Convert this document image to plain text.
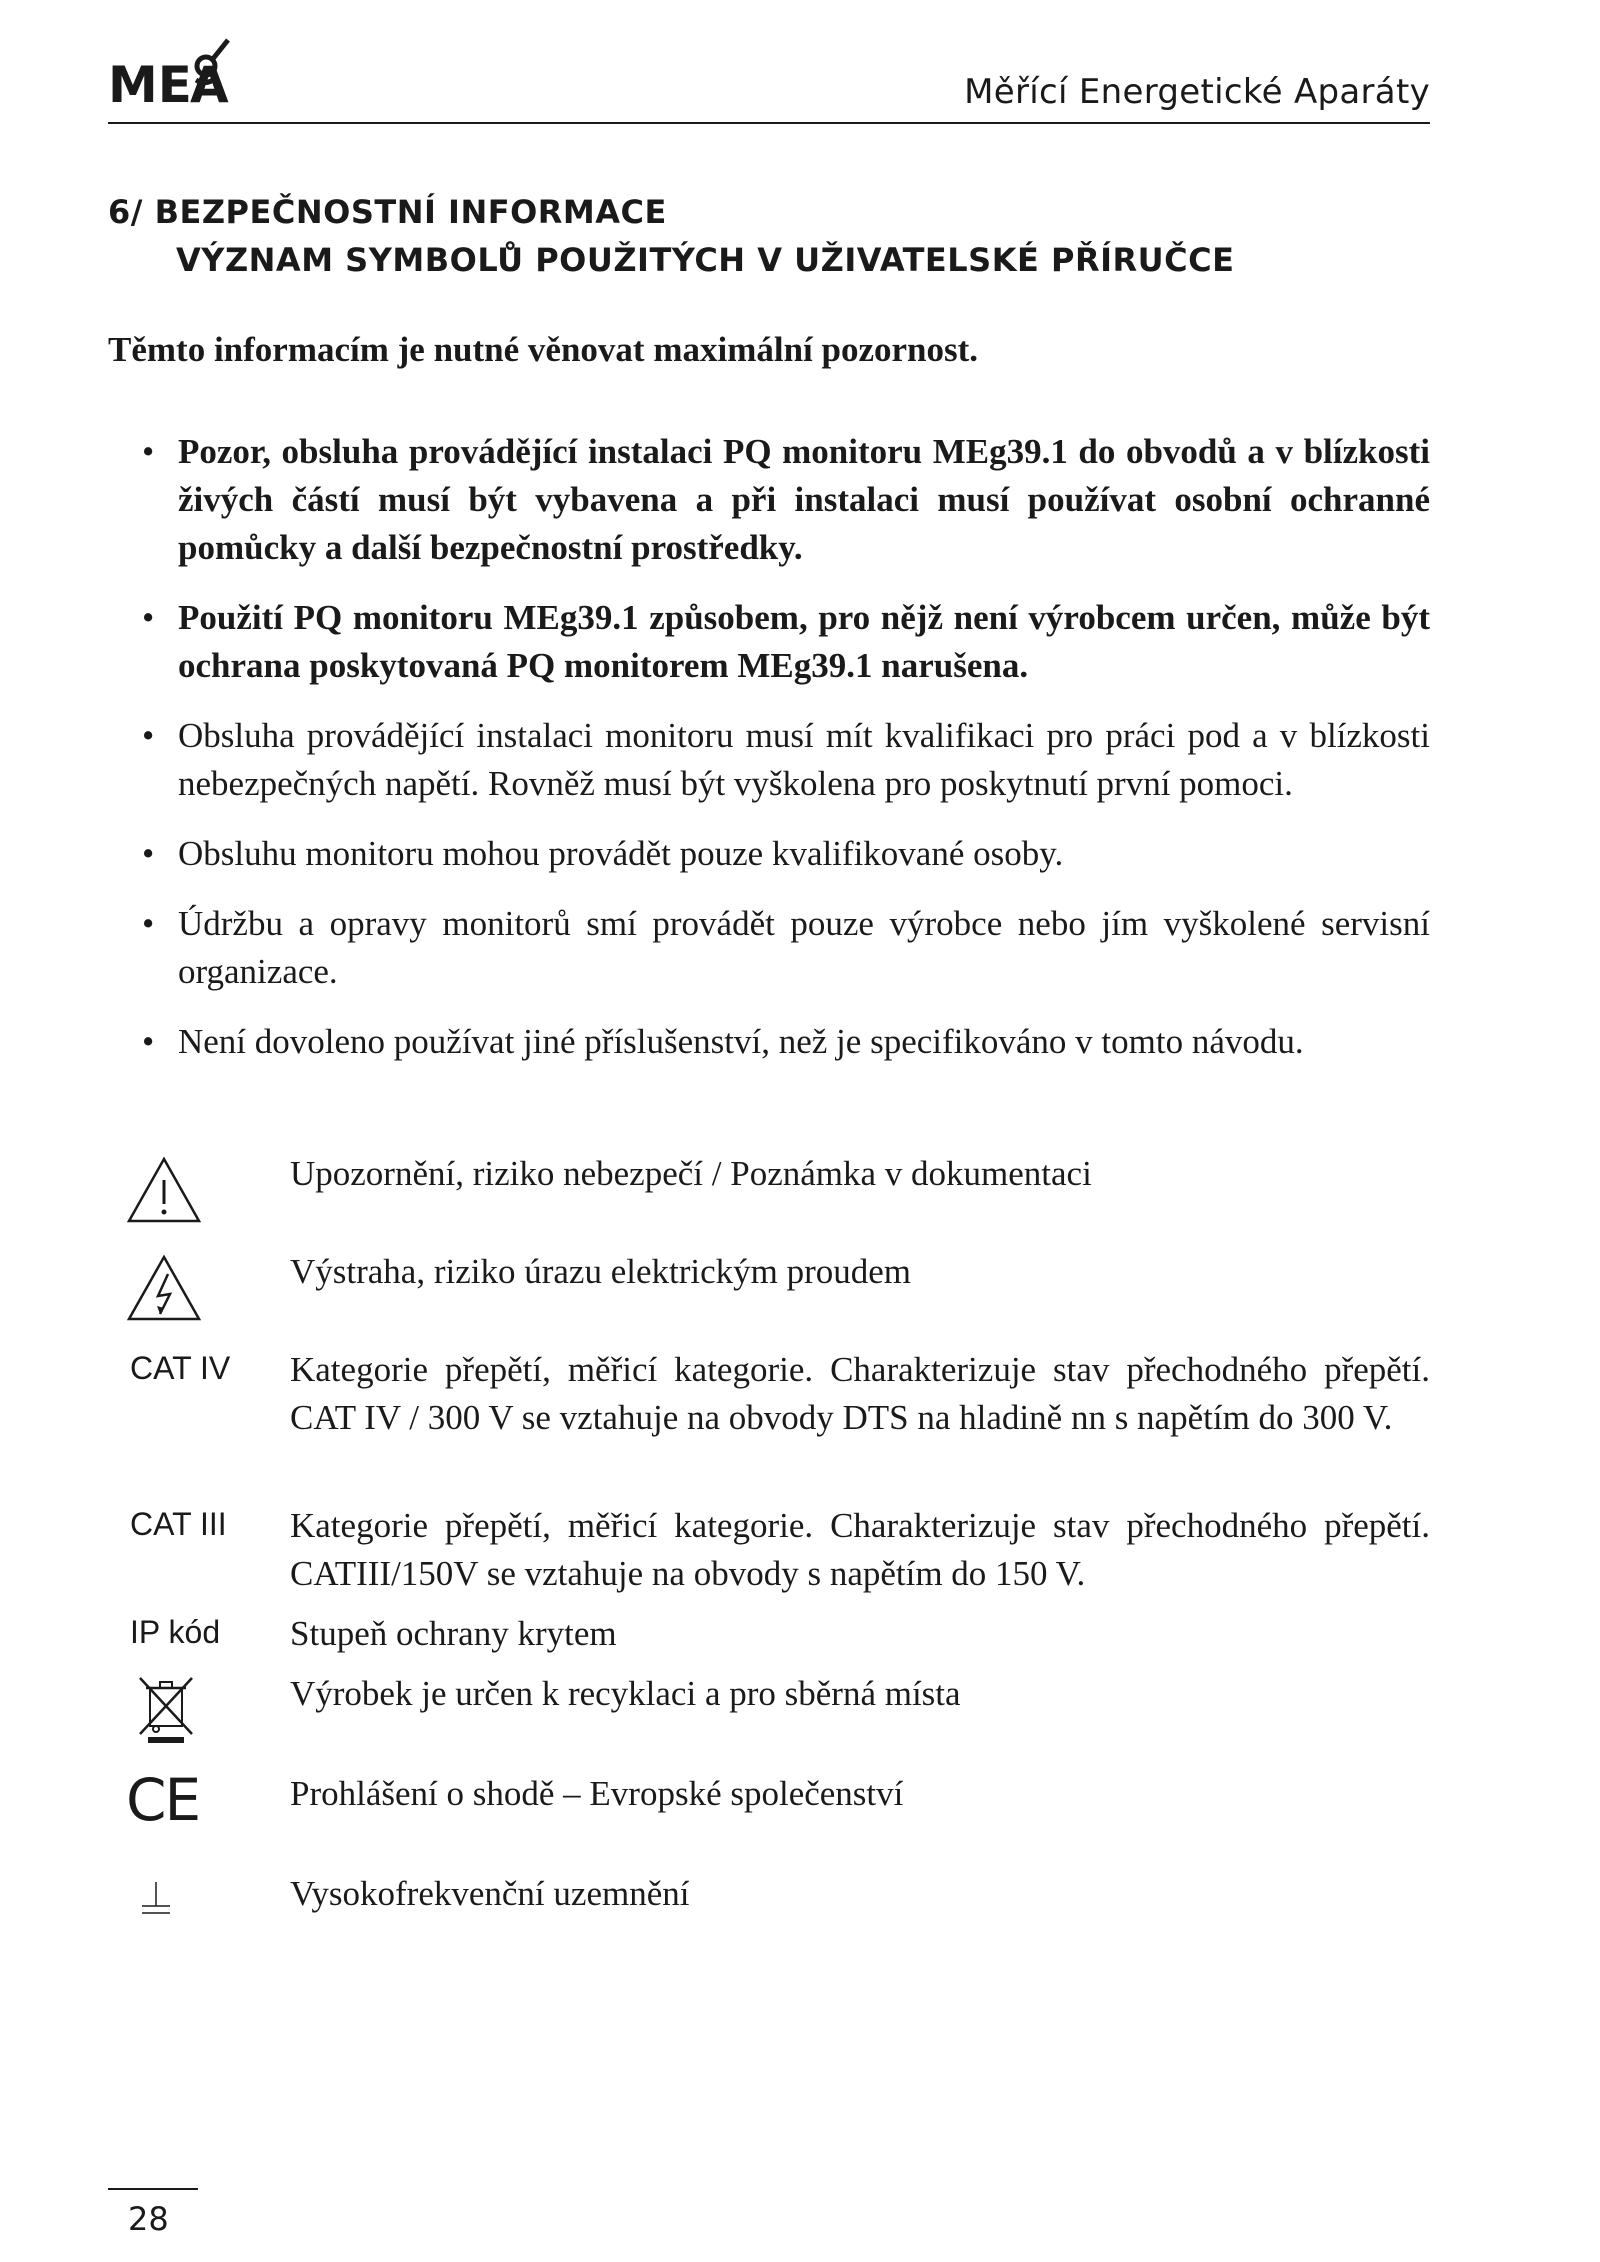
ME
A	Měřící Energetické Aparáty
6/ BEZPEČNOSTNÍ INFORMACE
VÝZNAM SYMBOLŮ POUŽITÝCH V UŽIVATELSKÉ PŘÍRUČCE
Těmto informacím je nutné věnovat maximální pozornost.
• Pozor, obsluha provádějící instalaci PQ monitoru MEg39.1 do obvodů a v blízkosti živých částí musí být vybavena a při instalaci musí používat osobní ochranné pomůcky a další bezpečnostní prostředky.
• Použití PQ monitoru MEg39.1 způsobem, pro nějž není výrobcem určen, může být ochrana poskytovaná PQ monitorem MEg39.1 narušena.
• Obsluha provádějící instalaci monitoru musí mít kvalifikaci pro práci pod a v blízkosti nebezpečných napětí. Rovněž musí být vyškolena pro poskytnutí první pomoci.
• Obsluhu monitoru mohou provádět pouze kvalifikované osoby.
• Údržbu a opravy monitorů smí provádět pouze výrobce nebo jím vyškolené servisní organizace.
• Není dovoleno používat jiné příslušenství, než je specifikováno v tomto návodu.
Upozornění, riziko nebezpečí / Poznámka v dokumentaci
Výstraha, riziko úrazu elektrickým proudem
CAT IV	Kategorie přepětí, měřicí kategorie. Charakterizuje stav přechodného přepětí. CAT IV / 300 V se vztahuje na obvody DTS na hladině nn s napětím do 300 V.
CAT III	Kategorie přepětí, měřicí kategorie. Charakterizuje stav přechodného přepětí. CATIII/150V se vztahuje na obvody s napětím do 150 V.
IP kód	Stupeň ochrany krytem
Výrobek je určen k recyklaci a pro sběrná místa
CE	Prohlášení o shodě – Evropské společenství
Vysokofrekvenční uzemnění
28
